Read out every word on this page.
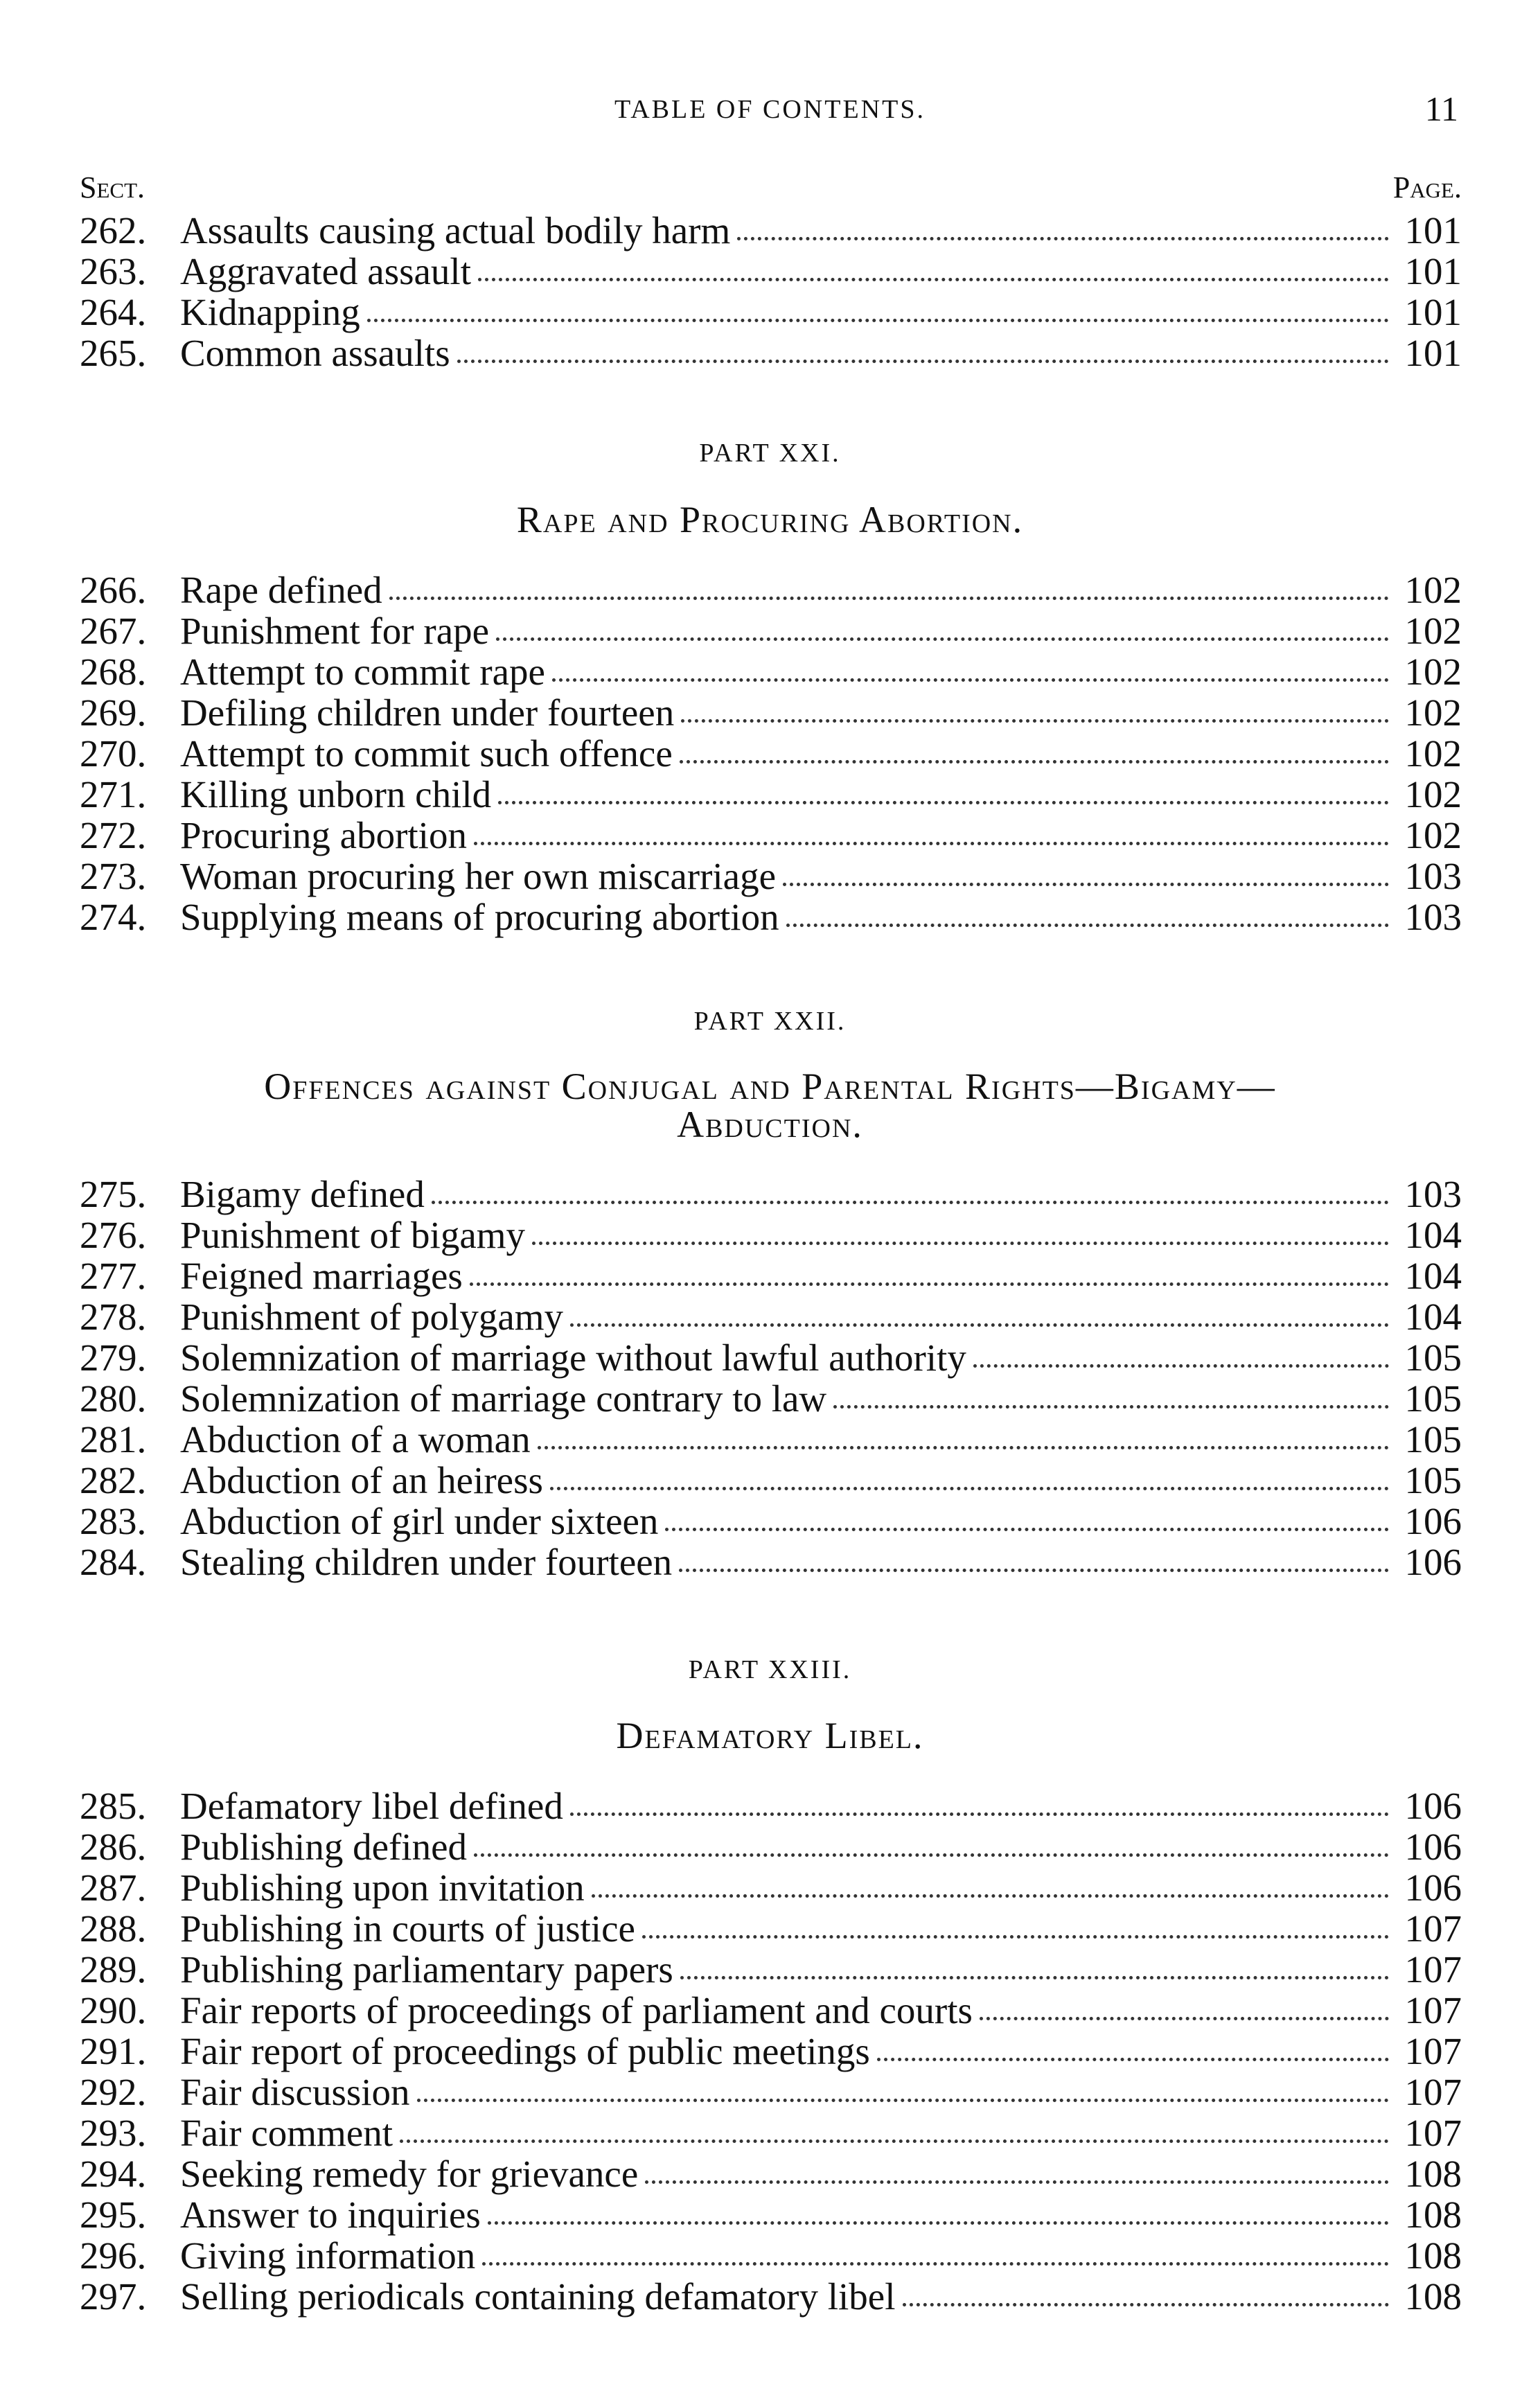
TABLE OF CONTENTS.	11
Sect.	Page.
262. Assaults causing actual bodily harm	101
263. Aggravated assault	101
264. Kidnapping	101
265. Common assaults	101
PART XXI.
Rape and Procuring Abortion.
266. Rape defined	102
267. Punishment for rape	102
268. Attempt to commit rape	102
269. Defiling children under fourteen	102
270. Attempt to commit such offence	102
271. Killing unborn child	102
272. Procuring abortion	102
273. Woman procuring her own miscarriage	103
274. Supplying means of procuring abortion	103
PART XXII.
Offences against Conjugal and Parental Rights—Bigamy—
Abduction.
275. Bigamy defined	103
276. Punishment of bigamy	104
277. Feigned marriages	104
278. Punishment of polygamy	104
279. Solemnization of marriage without lawful authority	105
280. Solemnization of marriage contrary to law	105
281. Abduction of a woman	105
282. Abduction of an heiress	105
283. Abduction of girl under sixteen	106
284. Stealing children under fourteen	106
PART XXIII.
Defamatory Libel.
285. Defamatory libel defined	106
286. Publishing defined	106
287. Publishing upon invitation	106
288. Publishing in courts of justice	107
289. Publishing parliamentary papers	107
290. Fair reports of proceedings of parliament and courts	107
291. Fair report of proceedings of public meetings	107
292. Fair discussion	107
293. Fair comment	107
294. Seeking remedy for grievance	108
295. Answer to inquiries	108
296. Giving information	108
297. Selling periodicals containing defamatory libel	108
